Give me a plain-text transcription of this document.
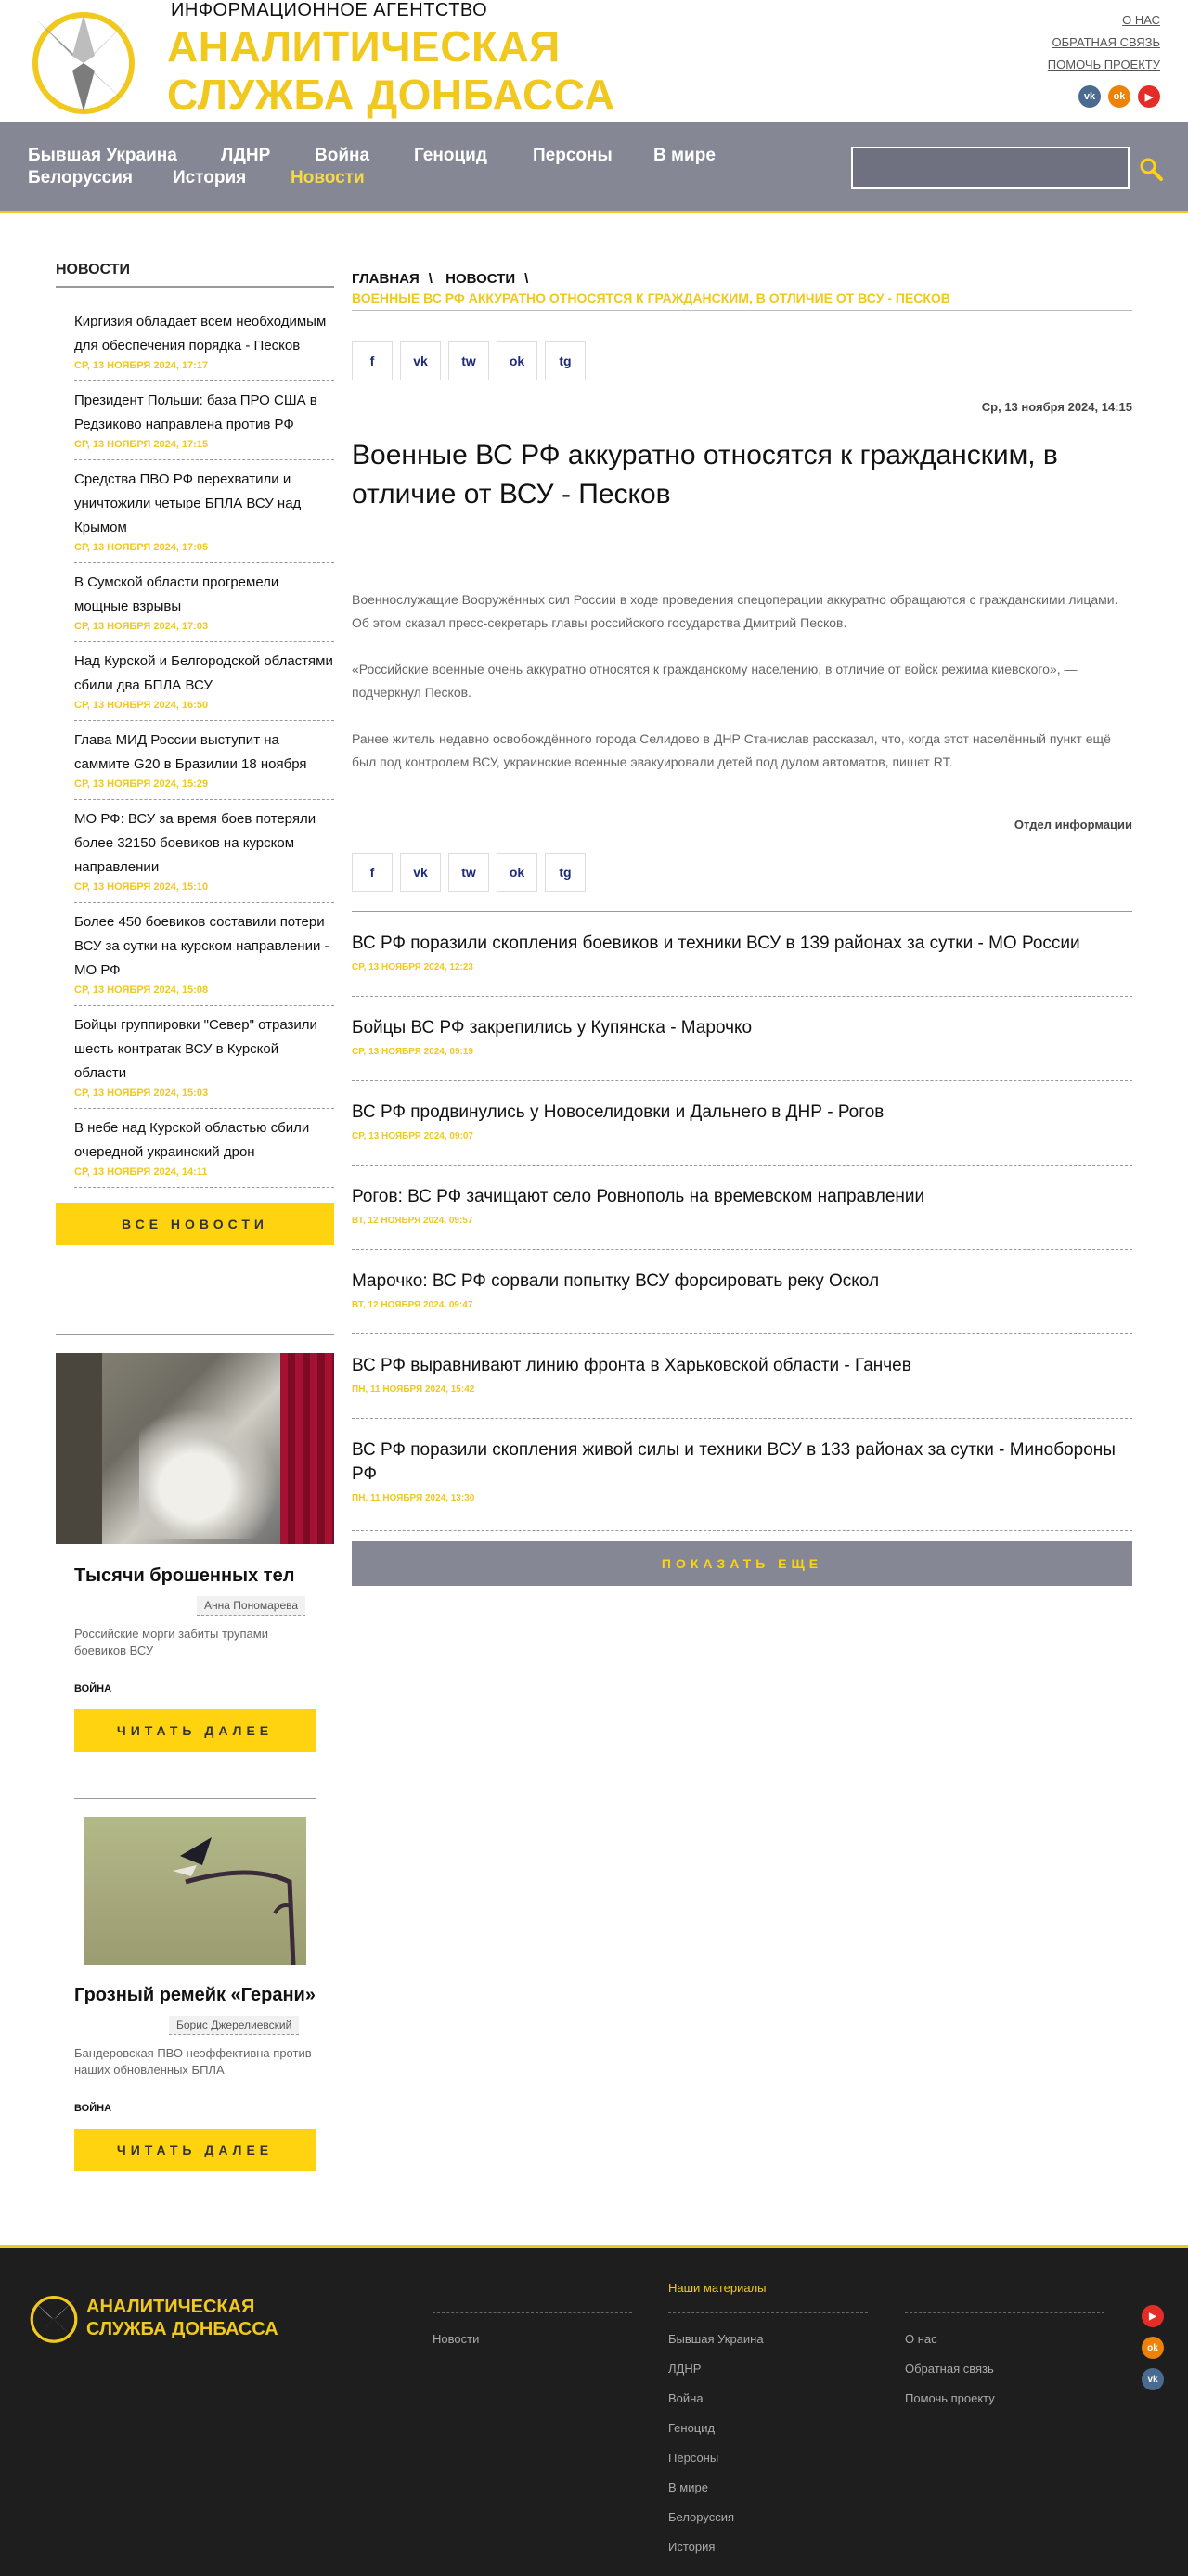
ИНФОРМАЦИОННОЕ АГЕНТСТВО
АНАЛИТИЧЕСКАЯ
СЛУЖБА ДОНБАССА
О НАС
ОБРАТНАЯ СВЯЗЬ
ПОМОЧЬ ПРОЕКТУ
vk	ok	▶
Бывшая Украина ЛДНР	Война	Геноцид	Персоны В мире
Белоруссия История	Новости
НОВОСТИ
Киргизия обладает всем необходимым для обеспечения порядка - Песков
СР, 13 НОЯБРЯ 2024, 17:17
Президент Польши: база ПРО США в Редзиково направлена против РФ
СР, 13 НОЯБРЯ 2024, 17:15
Средства ПВО РФ перехватили и уничтожили четыре БПЛА ВСУ над Крымом
СР, 13 НОЯБРЯ 2024, 17:05
В Сумской области прогремели мощные взрывы
СР, 13 НОЯБРЯ 2024, 17:03
Над Курской и Белгородской областями сбили два БПЛА ВСУ
СР, 13 НОЯБРЯ 2024, 16:50
Глава МИД России выступит на саммите G20 в Бразилии 18 ноября
СР, 13 НОЯБРЯ 2024, 15:29
МО РФ: ВСУ за время боев потеряли более 32150 боевиков на курском направлении
СР, 13 НОЯБРЯ 2024, 15:10
Более 450 боевиков составили потери ВСУ за сутки на курском направлении - МО РФ
СР, 13 НОЯБРЯ 2024, 15:08
Бойцы группировки "Север" отразили шесть контратак ВСУ в Курской области
СР, 13 НОЯБРЯ 2024, 15:03
В небе над Курской областью сбили очередной украинский дрон
СР, 13 НОЯБРЯ 2024, 14:11
ВСЕ НОВОСТИ
Тысячи брошенных тел
Анна Пономарева
Российские морги забиты трупами боевиков ВСУ
ВОЙНА
ЧИТАТЬ ДАЛЕЕ
Грозный ремейк «Герани»
Борис Джерелиевский
Бандеровская ПВО неэффективна против наших обновленных БПЛА
ВОЙНА
ЧИТАТЬ ДАЛЕЕ
ГЛАВНАЯ \ НОВОСТИ \
ВОЕННЫЕ ВС РФ АККУРАТНО ОТНОСЯТСЯ К ГРАЖДАНСКИМ, В ОТЛИЧИЕ ОТ ВСУ - ПЕСКОВ
f	vk	tw	ok	tg
Ср, 13 ноября 2024, 14:15
Военные ВС РФ аккуратно относятся к гражданским, в отличие от ВСУ - Песков

Военнослужащие Вооружённых сил России в ходе проведения спецоперации аккуратно обращаются с гражданскими лицами. Об этом сказал пресс-секретарь главы российского государства Дмитрий Песков.

«Российские военные очень аккуратно относятся к гражданскому населению, в отличие от войск режима киевского», — подчеркнул Песков.

Ранее житель недавно освобождённого города Селидово в ДНР Станислав рассказал, что, когда этот населённый пункт ещё был под контролем ВСУ, украинские военные эвакуировали детей под дулом автоматов, пишет RT.

Отдел информации
f	vk	tw	ok	tg
ВС РФ поразили скопления боевиков и техники ВСУ в 139 районах за сутки - МО России
СР, 13 НОЯБРЯ 2024, 12:23
Бойцы ВС РФ закрепились у Купянска - Марочко
СР, 13 НОЯБРЯ 2024, 09:19
ВС РФ продвинулись у Новоселидовки и Дальнего в ДНР - Рогов
СР, 13 НОЯБРЯ 2024, 09:07
Рогов: ВС РФ зачищают село Ровнополь на времевском направлении
ВТ, 12 НОЯБРЯ 2024, 09:57
Марочко: ВС РФ сорвали попытку ВСУ форсировать реку Оскол
ВТ, 12 НОЯБРЯ 2024, 09:47
ВС РФ выравнивают линию фронта в Харьковской области - Ганчев
ПН, 11 НОЯБРЯ 2024, 15:42
ВС РФ поразили скопления живой силы и техники ВСУ в 133 районах за сутки - Минобороны РФ
ПН, 11 НОЯБРЯ 2024, 13:30
ПОКАЗАТЬ ЕЩЕ
АНАЛИТИЧЕСКАЯ
СЛУЖБА ДОНБАССА	Новости
Наши материалы
Бывшая Украина
ЛДНР
Война
Геноцид
Персоны
В мире
Белоруссия
История
О нас
Обратная связь
Помочь проекту
▶
ok
vk
